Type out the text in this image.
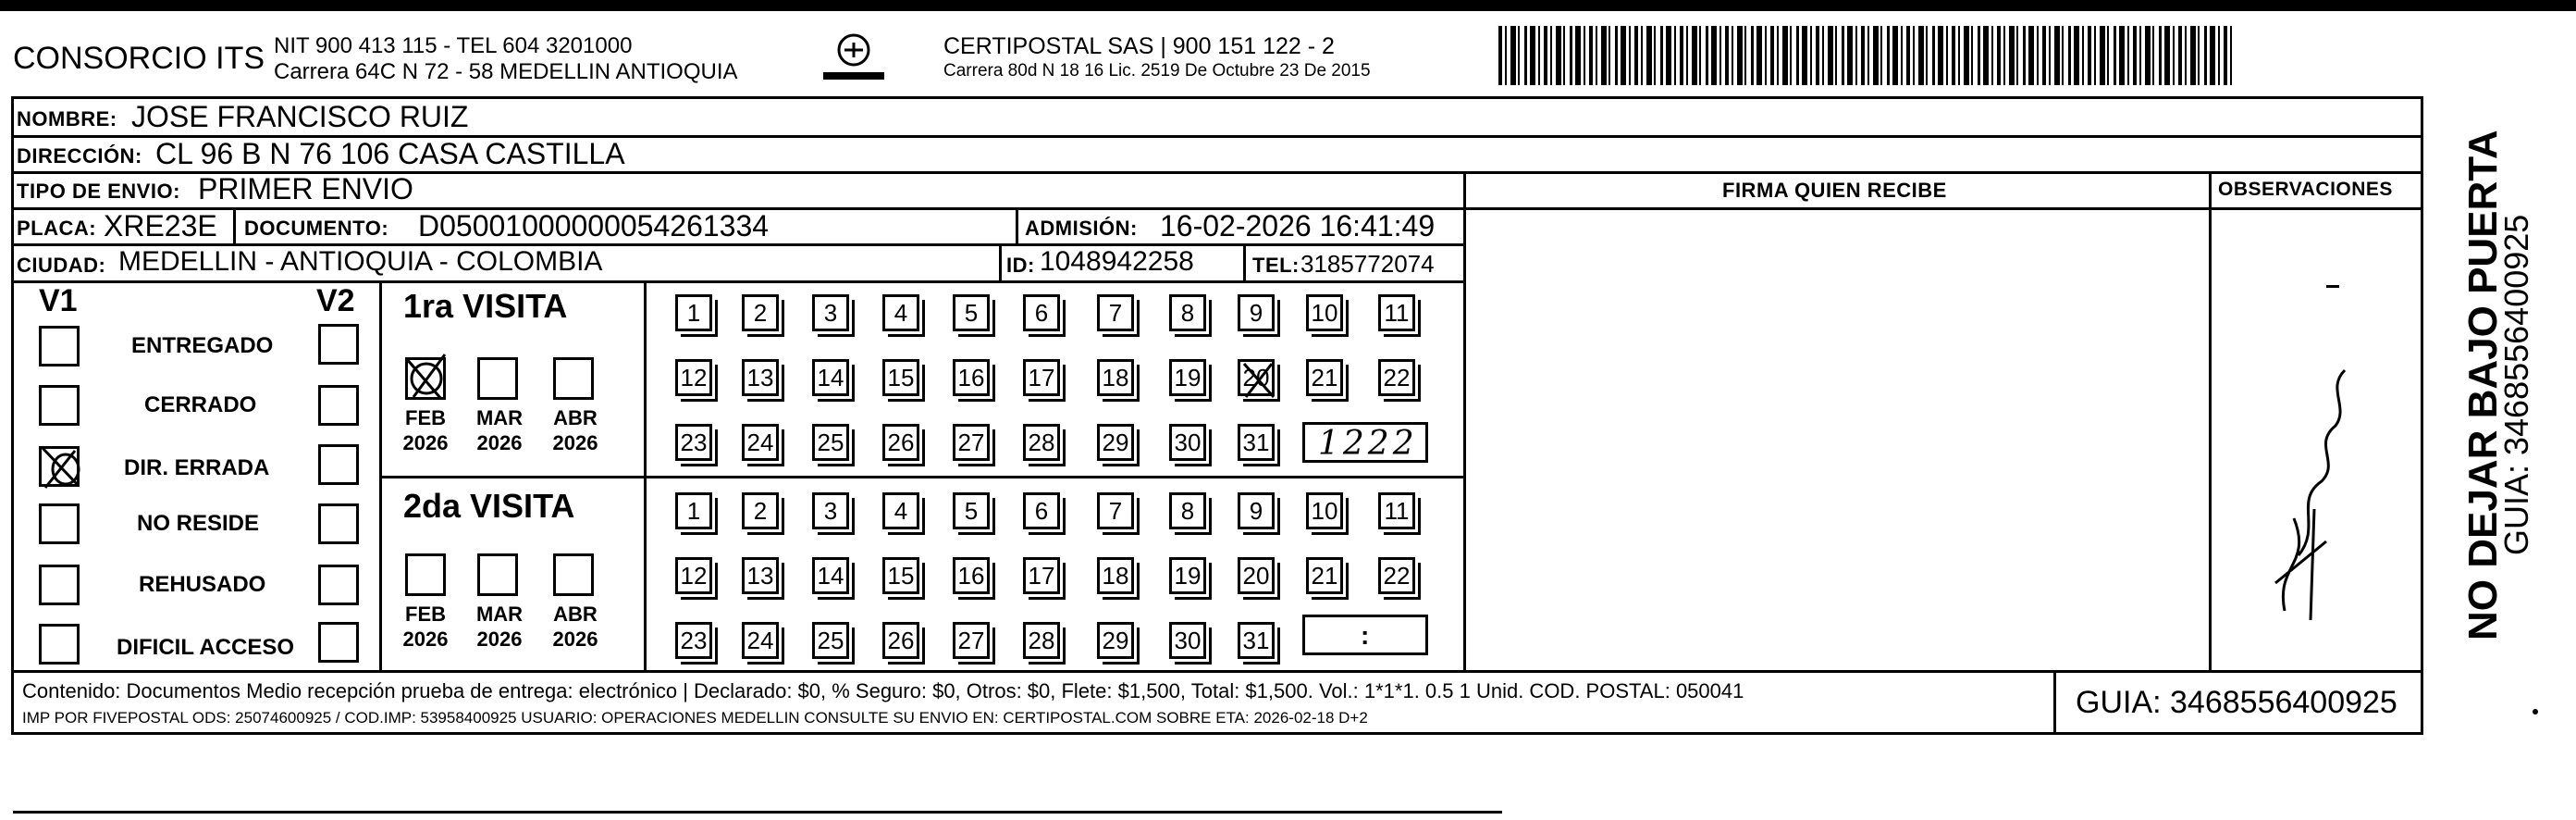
CONSORCIO ITS NIT 900 413 115 - TEL 604 3201000
Carrera 64C N 72 - 58 MEDELLIN ANTIOQUIA
CERTIPOSTAL SAS | 900 151 122 - 2
Carrera 80d N 18 16 Lic. 2519 De Octubre 23 De 2015
NOMBRE: JOSE FRANCISCO RUIZ
DIRECCIÓN: CL 96 B N 76 106 CASA CASTILLA
TIPO DE ENVIO: PRIMER ENVIO
PLACA: XRE23E DOCUMENTO: D05001000000054261334	ADMISIÓN: 16-02-2026 16:41:49
CIUDAD: MEDELLIN - ANTIOQUIA - COLOMBIA	ID: 1048942258	TEL: 3185772074
FIRMA QUIEN RECIBE	OBSERVACIONES
V1	V2
ENTREGADO
CERRADO
DIR. ERRADA
NO RESIDE
REHUSADO
DIFICIL ACCESO
1ra VISITA
FEB
2026
MAR
2026
ABR
2026
2da VISITA
FEB
2026
MAR
2026
ABR
2026
1	2	3	4	5	6	7	8	9	10 11
12 13 14 15 16 17 18 19 20 21 22
23 24 25 26 27 28 29 30 31
1	2	3	4	5	6	7	8	9	10 11
12 13 14 15 16 17 18 19 20 21 22
23 24 25 26 27 28 29 30 31
1222
:
Contenido: Documentos Medio recepción prueba de entrega: electrónico | Declarado: $0, % Seguro: $0, Otros: $0, Flete: $1,500, Total: $1,500. Vol.: 1*1*1. 0.5 1 Unid. COD. POSTAL: 050041
IMP POR FIVEPOSTAL ODS: 25074600925 / COD.IMP: 53958400925 USUARIO: OPERACIONES MEDELLIN CONSULTE SU ENVIO EN: CERTIPOSTAL.COM SOBRE ETA: 2026-02-18 D+2	GUIA: 3468556400925
NO DEJAR BAJO PUERTA
GUIA: 3468556400925
